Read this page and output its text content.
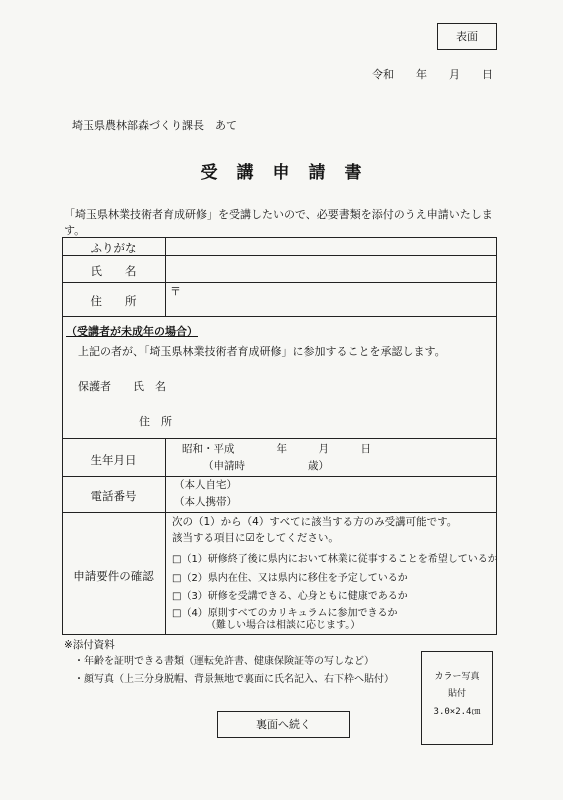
表面
令和　　年　　月　　日
埼玉県農林部森づくり課長　あて
受　講　申　請　書
「埼玉県林業技術者育成研修」を受講したいので、必要書類を添付のうえ申請いたしま
す。
ふりがな
氏　　名
住　　所
〒
（受講者が未成年の場合）
上記の者が、「埼玉県林業技術者育成研修」に参加することを承認します。
保護者　　氏　名
住　所
生年月日
昭和・平成　　　　年　　　月　　　日
（申請時　　　　　　歳）
電話番号
（本人自宅）
（本人携帯）
申請要件の確認
次の（1）から（4）すべてに該当する方のみ受講可能です。
該当する項目に☑をしてください。
□（1）研修終了後に県内において林業に従事することを希望しているか
□（2）県内在住、又は県内に移住を予定しているか
□（3）研修を受講できる、心身ともに健康であるか
□（4）原則すべてのカリキュラムに参加できるか
（難しい場合は相談に応じます。）
※添付資料
・年齢を証明できる書類（運転免許書、健康保険証等の写しなど）
・顔写真（上三分身脱帽、背景無地で裏面に氏名記入、右下枠へ貼付）	カラー写真
貼付
3.0×2.4㎝
裏面へ続く
